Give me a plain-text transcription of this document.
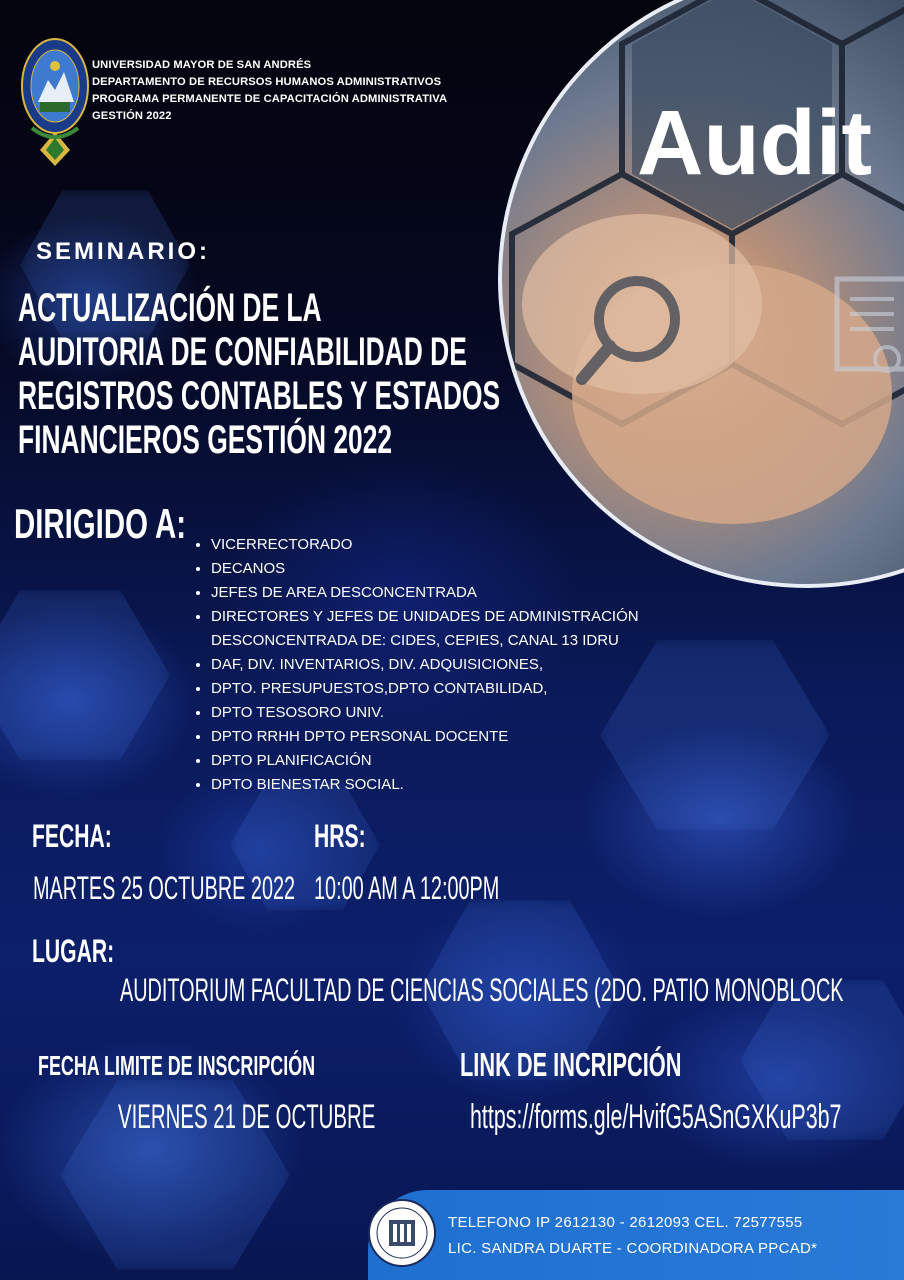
UNIVERSIDAD MAYOR DE SAN ANDRÉS
DEPARTAMENTO DE RECURSOS HUMANOS ADMINISTRATIVOS
PROGRAMA PERMANENTE DE CAPACITACIÓN ADMINISTRATIVA
GESTIÓN 2022	Audit
SEMINARIO:
ACTUALIZACIÓN DE LA
AUDITORIA DE CONFIABILIDAD DE
REGISTROS CONTABLES Y ESTADOS
FINANCIEROS GESTIÓN 2022
DIRIGIDO A:
• VICERRECTORADO
• DECANOS
• JEFES DE AREA DESCONCENTRADA
• DIRECTORES Y JEFES DE UNIDADES DE ADMINISTRACIÓN DESCONCENTRADA DE: CIDES, CEPIES, CANAL 13 IDRU
• DAF, DIV. INVENTARIOS, DIV. ADQUISICIONES,
• DPTO. PRESUPUESTOS,DPTO CONTABILIDAD,
• DPTO TESOSORO UNIV.
• DPTO RRHH DPTO PERSONAL DOCENTE
• DPTO PLANIFICACIÓN
• DPTO BIENESTAR SOCIAL.
FECHA:	HRS:
MARTES 25 OCTUBRE 2022 10:00 AM A 12:00PM
LUGAR:
AUDITORIUM FACULTAD DE CIENCIAS SOCIALES (2DO. PATIO MONOBLOCK
FECHA LIMITE DE INSCRIPCIÓN	LINK DE INCRIPCIÓN
VIERNES 21 DE OCTUBRE	https://forms.gle/HvifG5ASnGXKuP3b7
TELEFONO IP 2612130 - 2612093 CEL. 72577555
LIC. SANDRA DUARTE - COORDINADORA PPCAD*
